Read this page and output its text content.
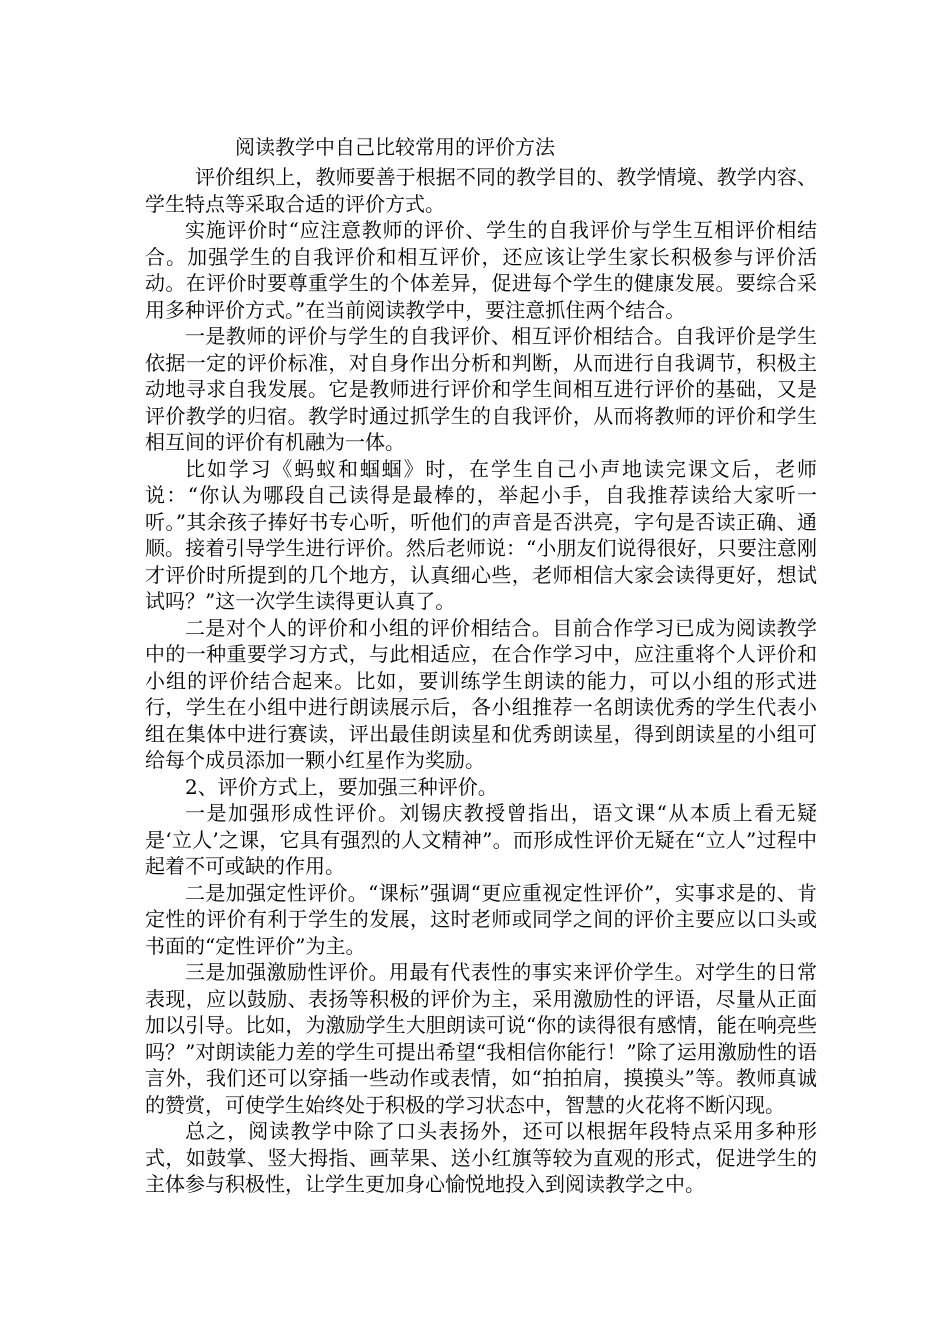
阅读教学中自己比较常用的评价方法

评价组织上，教师要善于根据不同的教学目的、教学情境、教学内容、学生特点等采取合适的评价方式。

实施评价时“应注意教师的评价、学生的自我评价与学生互相评价相结合。加强学生的自我评价和相互评价，还应该让学生家长积极参与评价活动。在评价时要尊重学生的个体差异，促进每个学生的健康发展。要综合采用多种评价方式。”在当前阅读教学中，要注意抓住两个结合。

一是教师的评价与学生的自我评价、相互评价相结合。自我评价是学生依据一定的评价标准，对自身作出分析和判断，从而进行自我调节，积极主动地寻求自我发展。它是教师进行评价和学生间相互进行评价的基础，又是评价教学的归宿。教学时通过抓学生的自我评价，从而将教师的评价和学生相互间的评价有机融为一体。

比如学习《蚂蚁和蝈蝈》时，在学生自己小声地读完课文后，老师说：“你认为哪段自己读得是最棒的，举起小手，自我推荐读给大家听一听。”其余孩子捧好书专心听，听他们的声音是否洪亮，字句是否读正确、通顺。接着引导学生进行评价。然后老师说：“小朋友们说得很好，只要注意刚才评价时所提到的几个地方，认真细心些，老师相信大家会读得更好，想试试吗？”这一次学生读得更认真了。

二是对个人的评价和小组的评价相结合。目前合作学习已成为阅读教学中的一种重要学习方式，与此相适应，在合作学习中，应注重将个人评价和小组的评价结合起来。比如，要训练学生朗读的能力，可以小组的形式进行，学生在小组中进行朗读展示后，各小组推荐一名朗读优秀的学生代表小组在集体中进行赛读，评出最佳朗读星和优秀朗读星，得到朗读星的小组可给每个成员添加一颗小红星作为奖励。

2、评价方式上，要加强三种评价。

一是加强形成性评价。刘锡庆教授曾指出，语文课“从本质上看无疑是‘立人’之课，它具有强烈的人文精神”。而形成性评价无疑在“立人”过程中起着不可或缺的作用。

二是加强定性评价。“课标”强调“更应重视定性评价”，实事求是的、肯定性的评价有利于学生的发展，这时老师或同学之间的评价主要应以口头或书面的“定性评价”为主。

三是加强激励性评价。用最有代表性的事实来评价学生。对学生的日常表现，应以鼓励、表扬等积极的评价为主，采用激励性的评语，尽量从正面加以引导。比如，为激励学生大胆朗读可说“你的读得很有感情，能在响亮些吗？”对朗读能力差的学生可提出希望“我相信你能行！”除了运用激励性的语言外，我们还可以穿插一些动作或表情，如“拍拍肩，摸摸头”等。教师真诚的赞赏，可使学生始终处于积极的学习状态中，智慧的火花将不断闪现。

总之，阅读教学中除了口头表扬外，还可以根据年段特点采用多种形式，如鼓掌、竖大拇指、画苹果、送小红旗等较为直观的形式，促进学生的主体参与积极性，让学生更加身心愉悦地投入到阅读教学之中。
